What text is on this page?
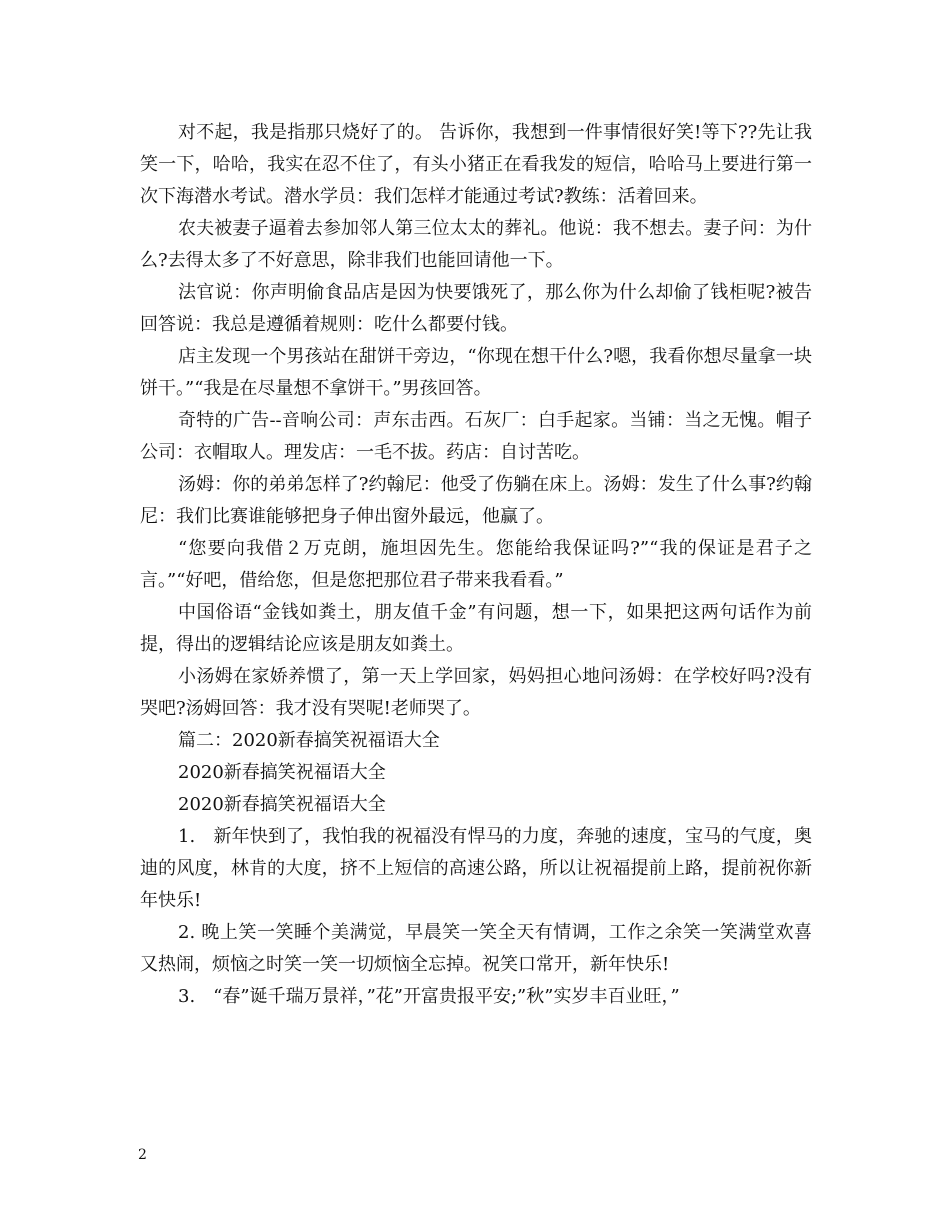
对不起，我是指那只烧好了的。 告诉你，我想到一件事情很好笑!等下??先让我笑一下，哈哈，我实在忍不住了，有头小猪正在看我发的短信，哈哈马上要进行第一次下海潜水考试。潜水学员：我们怎样才能通过考试?教练：活着回来。

农夫被妻子逼着去参加邻人第三位太太的葬礼。他说：我不想去。妻子问：为什么?去得太多了不好意思，除非我们也能回请他一下。

法官说：你声明偷食品店是因为快要饿死了，那么你为什么却偷了钱柜呢?被告回答说：我总是遵循着规则：吃什么都要付钱。

店主发现一个男孩站在甜饼干旁边，“你现在想干什么?嗯，我看你想尽量拿一块饼干。”“我是在尽量想不拿饼干。”男孩回答。

奇特的广告--音响公司：声东击西。石灰厂：白手起家。当铺：当之无愧。帽子公司：衣帽取人。理发店：一毛不拔。药店：自讨苦吃。

汤姆：你的弟弟怎样了?约翰尼：他受了伤躺在床上。汤姆：发生了什么事?约翰尼：我们比赛谁能够把身子伸出窗外最远，他赢了。

“您要向我借２万克朗，施坦因先生。您能给我保证吗?”“我的保证是君子之言。”“好吧，借给您，但是您把那位君子带来我看看。”

中国俗语“金钱如粪土，朋友值千金”有问题，想一下，如果把这两句话作为前提，得出的逻辑结论应该是朋友如粪土。

小汤姆在家娇养惯了，第一天上学回家，妈妈担心地问汤姆：在学校好吗?没有哭吧?汤姆回答：我才没有哭呢!老师哭了。

篇二：2020新春搞笑祝福语大全

2020新春搞笑祝福语大全

2020新春搞笑祝福语大全

1.　新年快到了，我怕我的祝福没有悍马的力度，奔驰的速度，宝马的气度，奥迪的风度，林肯的大度，挤不上短信的高速公路，所以让祝福提前上路，提前祝你新年快乐!

2. 晚上笑一笑睡个美满觉，早晨笑一笑全天有情调，工作之余笑一笑满堂欢喜又热闹，烦恼之时笑一笑一切烦恼全忘掉。祝笑口常开，新年快乐!

3.　“春”诞千瑞万景祥，”花”开富贵报平安;”秋”实岁丰百业旺，”

2
